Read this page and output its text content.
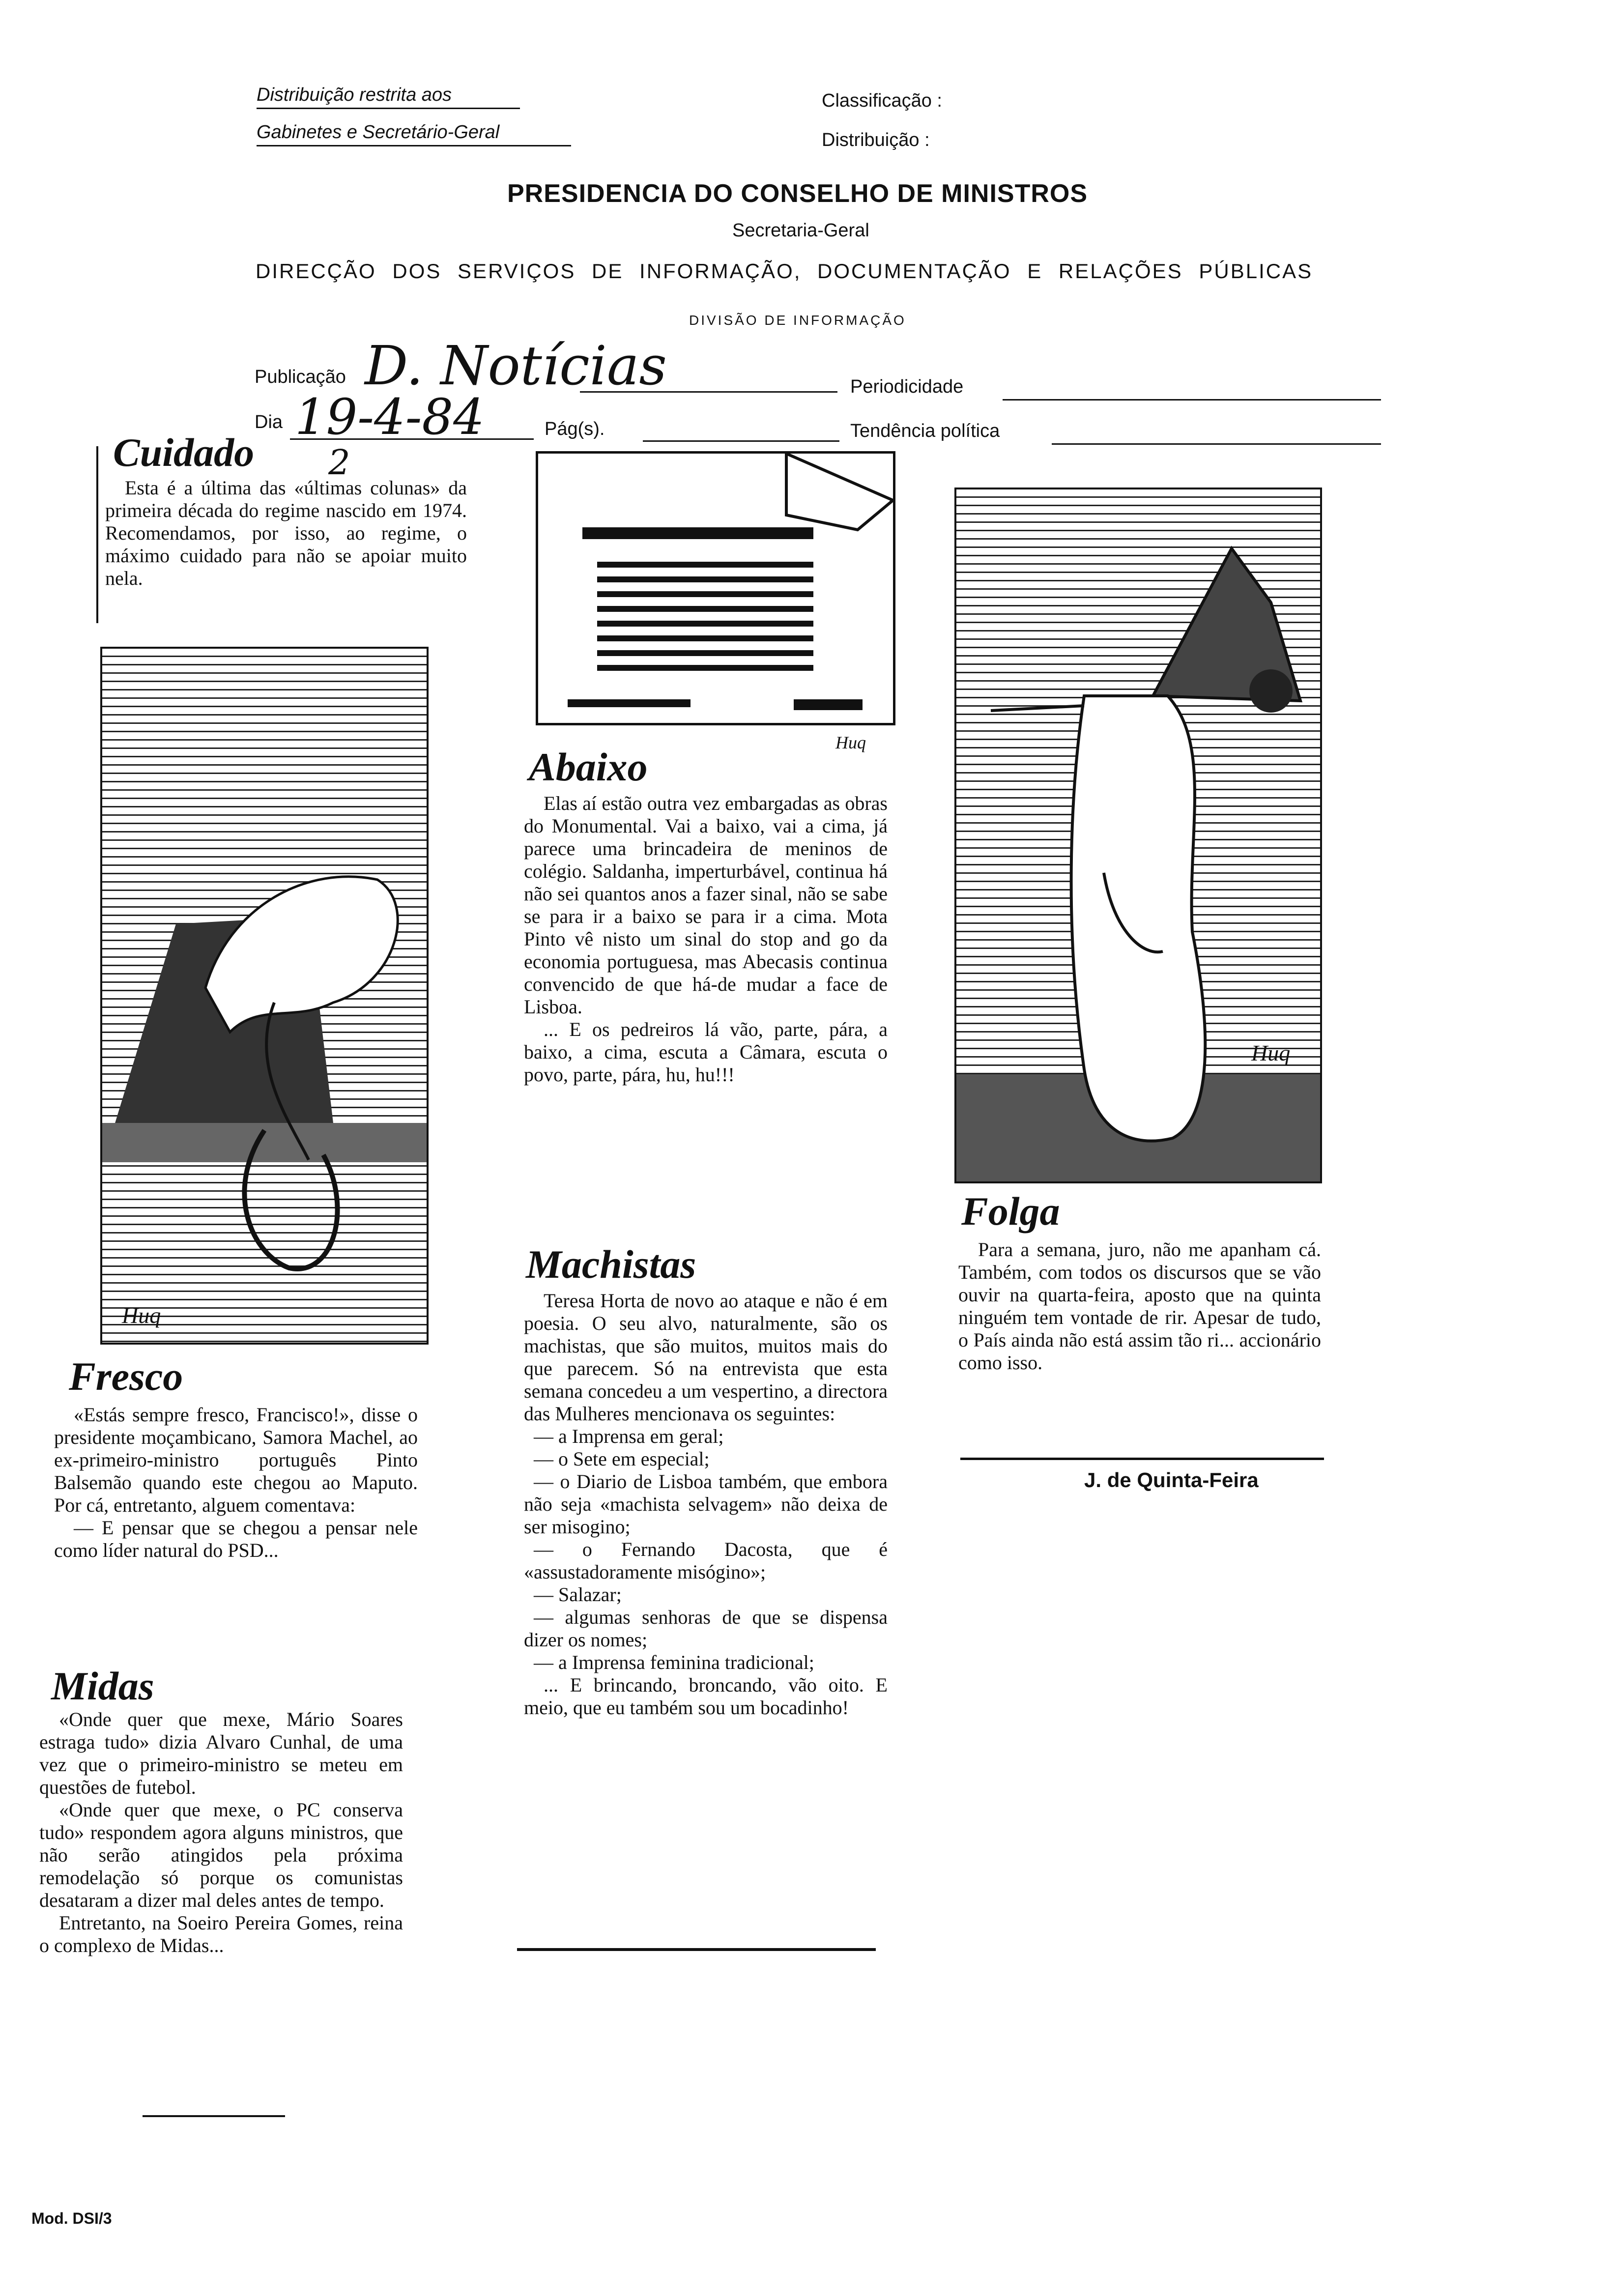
Distribuição restrita aos
Gabinetes e Secretário-Geral
Classificação :
Distribuição :
PRESIDENCIA DO CONSELHO DE MINISTROS
Secretaria-Geral
DIRECÇÃO DOS SERVIÇOS DE INFORMAÇÃO, DOCUMENTAÇÃO E RELAÇÕES PÚBLICAS
DIVISÃO DE INFORMAÇÃO
Publicação D. Notícias	Periodicidade
Dia 19-4-84	Pág(s).	Tendência política
2
Cuidado

Esta é a última das «últimas colunas» da primeira década do regime nascido em 1974. Recomendamos, por isso, ao regime, o máximo cuidado para não se apoiar muito nela.

Huq
Fresco

«Estás sempre fresco, Francisco!», disse o presidente moçambicano, Samora Machel, ao ex-primeiro-ministro português Pinto Balsemão quando este chegou ao Maputo. Por cá, entretanto, alguem comentava:

— E pensar que se chegou a pensar nele como líder natural do PSD...

Midas

«Onde quer que mexe, Mário Soares estraga tudo» dizia Alvaro Cunhal, de uma vez que o primeiro-ministro se meteu em questões de futebol.

«Onde quer que mexe, o PC conserva tudo» respondem agora alguns ministros, que não serão atingidos pela próxima remodelação só porque os comunistas desataram a dizer mal deles antes de tempo.

Entretanto, na Soeiro Pereira Gomes, reina o complexo de Midas...

Huq
Abaixo

Elas aí estão outra vez embargadas as obras do Monumental. Vai a baixo, vai a cima, já parece uma brincadeira de meninos de colégio. Saldanha, imperturbável, continua há não sei quantos anos a fazer sinal, não se sabe se para ir a baixo se para ir a cima. Mota Pinto vê nisto um sinal do stop and go da economia portuguesa, mas Abecasis continua convencido de que há-de mudar a face de Lisboa.

... E os pedreiros lá vão, parte, pára, a baixo, a cima, escuta a Câmara, escuta o povo, parte, pára, hu, hu!!!

Machistas

Teresa Horta de novo ao ataque e não é em poesia. O seu alvo, naturalmente, são os machistas, que são muitos, muitos mais do que parecem. Só na entrevista que esta semana concedeu a um vespertino, a directora das Mulheres mencionava os seguintes:

— a Imprensa em geral;

— o Sete em especial;

— o Diario de Lisboa também, que embora não seja «machista selvagem» não deixa de ser misogino;

— o Fernando Dacosta, que é «assustadoramente misógino»;

— Salazar;

— algumas senhoras de que se dispensa dizer os nomes;

— a Imprensa feminina tradicional;

... E brincando, broncando, vão oito. E meio, que eu também sou um bocadinho!

Huq
Folga

Para a semana, juro, não me apanham cá. Também, com todos os discursos que se vão ouvir na quarta-feira, aposto que na quinta ninguém tem vontade de rir. Apesar de tudo, o País ainda não está assim tão ri... accionário como isso.

J. de Quinta-Feira
Mod. DSI/3
